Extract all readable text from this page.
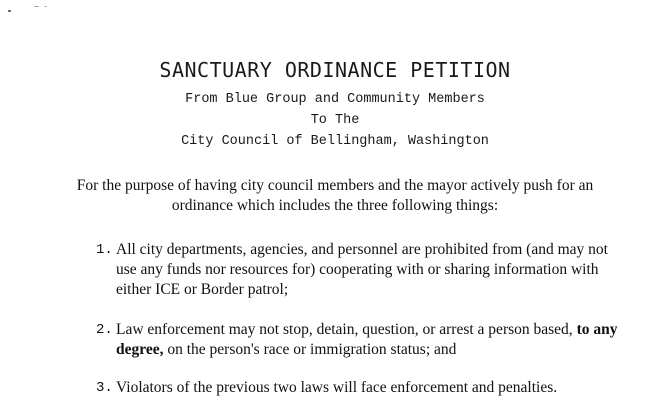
SANCTUARY ORDINANCE PETITION
From Blue Group and Community Members
To The
City Council of Bellingham, Washington
For the purpose of having city council members and the mayor actively push for an ordinance which includes the three following things:
1. All city departments, agencies, and personnel are prohibited from (and may not use any funds nor resources for) cooperating with or sharing information with either ICE or Border patrol;
2. Law enforcement may not stop, detain, question, or arrest a person based, to any degree, on the person's race or immigration status; and
3. Violators of the previous two laws will face enforcement and penalties.
